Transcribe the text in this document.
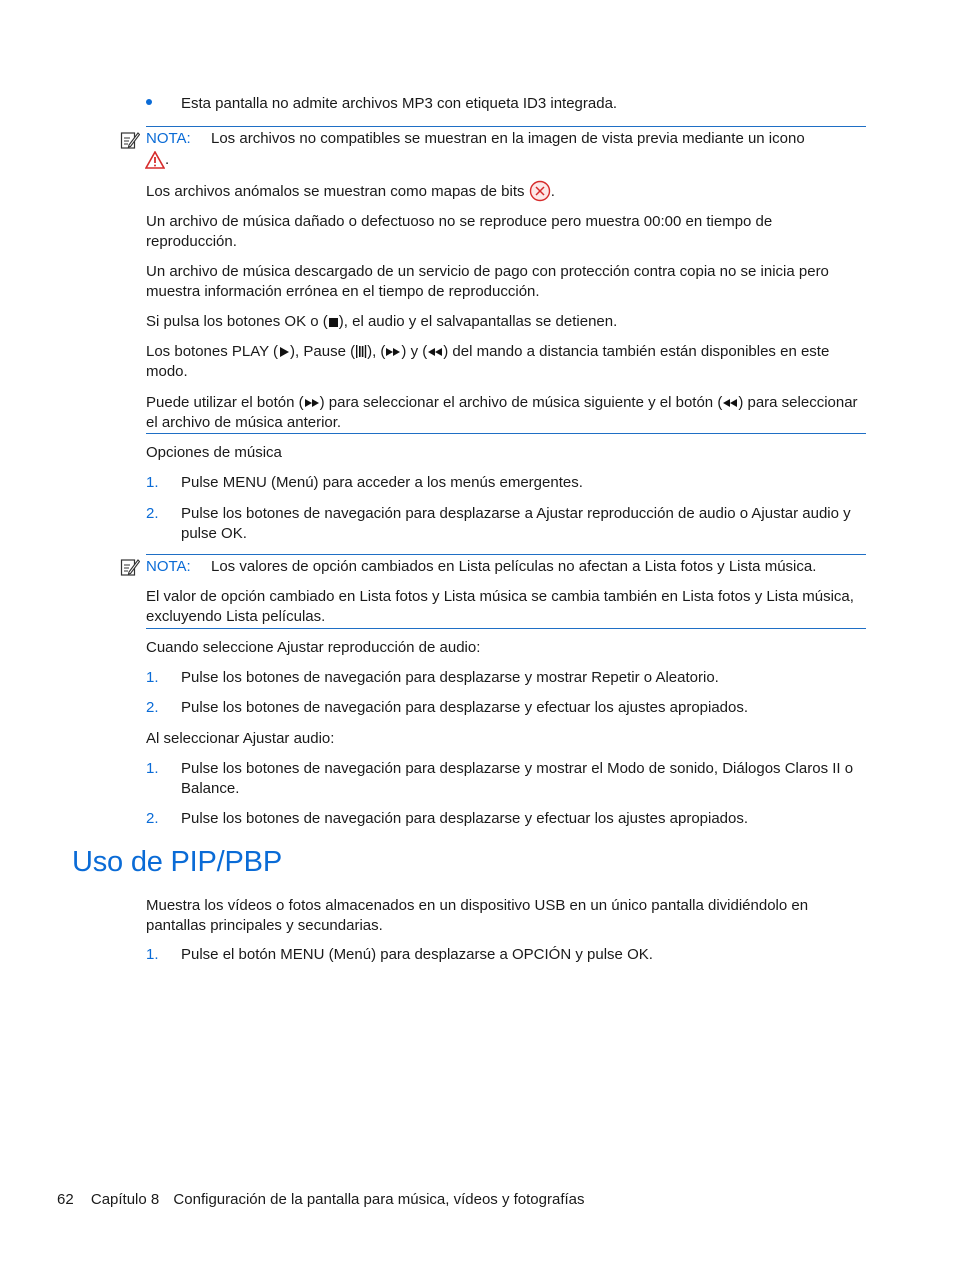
Esta pantalla no admite archivos MP3 con etiqueta ID3 integrada.
NOTA: Los archivos no compatibles se muestran en la imagen de vista previa mediante un icono
.
Los archivos anómalos se muestran como mapas de bits .
Un archivo de música dañado o defectuoso no se reproduce pero muestra 00:00 en tiempo de reproducción.
Un archivo de música descargado de un servicio de pago con protección contra copia no se inicia pero muestra información errónea en el tiempo de reproducción.
Si pulsa los botones OK o ( ), el audio y el salvapantallas se detienen.
Los botones PLAY ( ), Pause ( ), ( ) y ( ) del mando a distancia también están disponibles en este modo.
Puede utilizar el botón ( ) para seleccionar el archivo de música siguiente y el botón ( ) para seleccionar el archivo de música anterior.
Opciones de música
1. Pulse MENU (Menú) para acceder a los menús emergentes.
2. Pulse los botones de navegación para desplazarse a Ajustar reproducción de audio o Ajustar audio y pulse OK.
NOTA: Los valores de opción cambiados en Lista películas no afectan a Lista fotos y Lista música.
El valor de opción cambiado en Lista fotos y Lista música se cambia también en Lista fotos y Lista música, excluyendo Lista películas.
Cuando seleccione Ajustar reproducción de audio:
1. Pulse los botones de navegación para desplazarse y mostrar Repetir o Aleatorio.
2. Pulse los botones de navegación para desplazarse y efectuar los ajustes apropiados.
Al seleccionar Ajustar audio:
1. Pulse los botones de navegación para desplazarse y mostrar el Modo de sonido, Diálogos Claros II o Balance.
2. Pulse los botones de navegación para desplazarse y efectuar los ajustes apropiados.
Uso de PIP/PBP
Muestra los vídeos o fotos almacenados en un dispositivo USB en un único pantalla dividiéndolo en pantallas principales y secundarias.
1. Pulse el botón MENU (Menú) para desplazarse a OPCIÓN y pulse OK.
62 Capítulo 8 Configuración de la pantalla para música, vídeos y fotografías
